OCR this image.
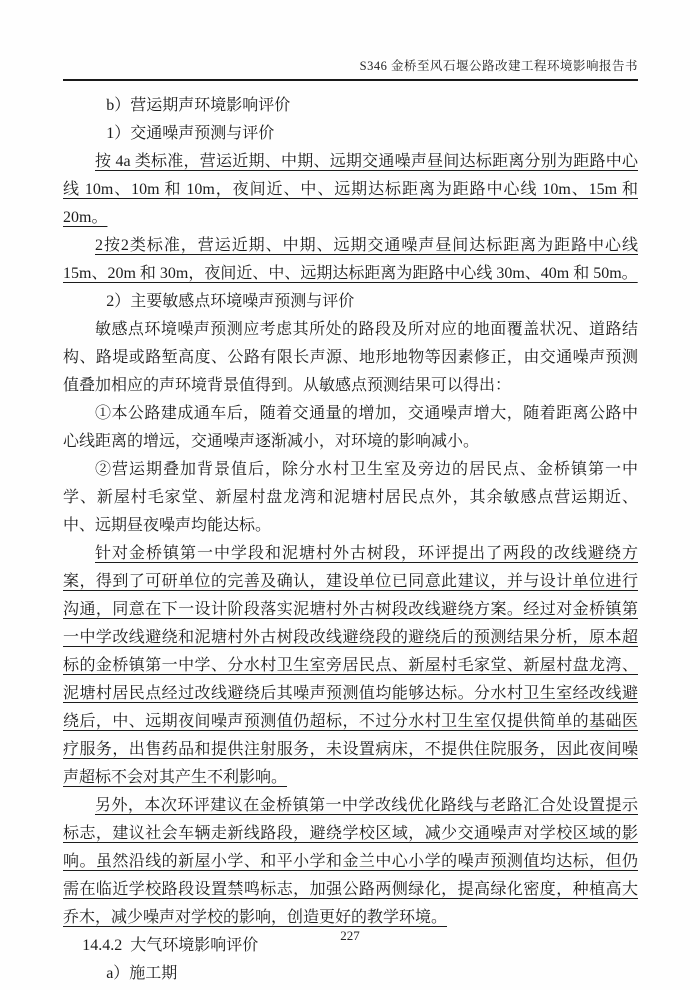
S346 金桥至风石堰公路改建工程环境影响报告书
b）营运期声环境影响评价
1）交通噪声预测与评价
按 4a 类标准，营运近期、中期、远期交通噪声昼间达标距离分别为距路中心线 10m、10m 和 10m，夜间近、中、远期达标距离为距路中心线 10m、15m 和 20m。
2按2类标准，营运近期、中期、远期交通噪声昼间达标距离为距路中心线15m、20m 和 30m，夜间近、中、远期达标距离为距路中心线 30m、40m 和 50m。
2）主要敏感点环境噪声预测与评价
敏感点环境噪声预测应考虑其所处的路段及所对应的地面覆盖状况、道路结构、路堤或路堑高度、公路有限长声源、地形地物等因素修正，由交通噪声预测值叠加相应的声环境背景值得到。从敏感点预测结果可以得出：
①本公路建成通车后，随着交通量的增加，交通噪声增大，随着距离公路中心线距离的增远，交通噪声逐渐减小，对环境的影响减小。
②营运期叠加背景值后，除分水村卫生室及旁边的居民点、金桥镇第一中学、新屋村毛家堂、新屋村盘龙湾和泥塘村居民点外，其余敏感点营运期近、中、远期昼夜噪声均能达标。
针对金桥镇第一中学段和泥塘村外古树段，环评提出了两段的改线避绕方案，得到了可研单位的完善及确认，建设单位已同意此建议，并与设计单位进行沟通，同意在下一设计阶段落实泥塘村外古树段改线避绕方案。经过对金桥镇第一中学改线避绕和泥塘村外古树段改线避绕段的避绕后的预测结果分析，原本超标的金桥镇第一中学、分水村卫生室旁居民点、新屋村毛家堂、新屋村盘龙湾、泥塘村居民点经过改线避绕后其噪声预测值均能够达标。分水村卫生室经改线避绕后，中、远期夜间噪声预测值仍超标，不过分水村卫生室仅提供简单的基础医疗服务，出售药品和提供注射服务，未设置病床，不提供住院服务，因此夜间噪声超标不会对其产生不利影响。
另外，本次环评建议在金桥镇第一中学改线优化路线与老路汇合处设置提示标志，建议社会车辆走新线路段，避绕学校区域，减少交通噪声对学校区域的影响。虽然沿线的新屋小学、和平小学和金兰中心小学的噪声预测值均达标，但仍需在临近学校路段设置禁鸣标志，加强公路两侧绿化，提高绿化密度，种植高大乔木，减少噪声对学校的影响，创造更好的教学环境。
14.4.2  大气环境影响评价
a）施工期
227
